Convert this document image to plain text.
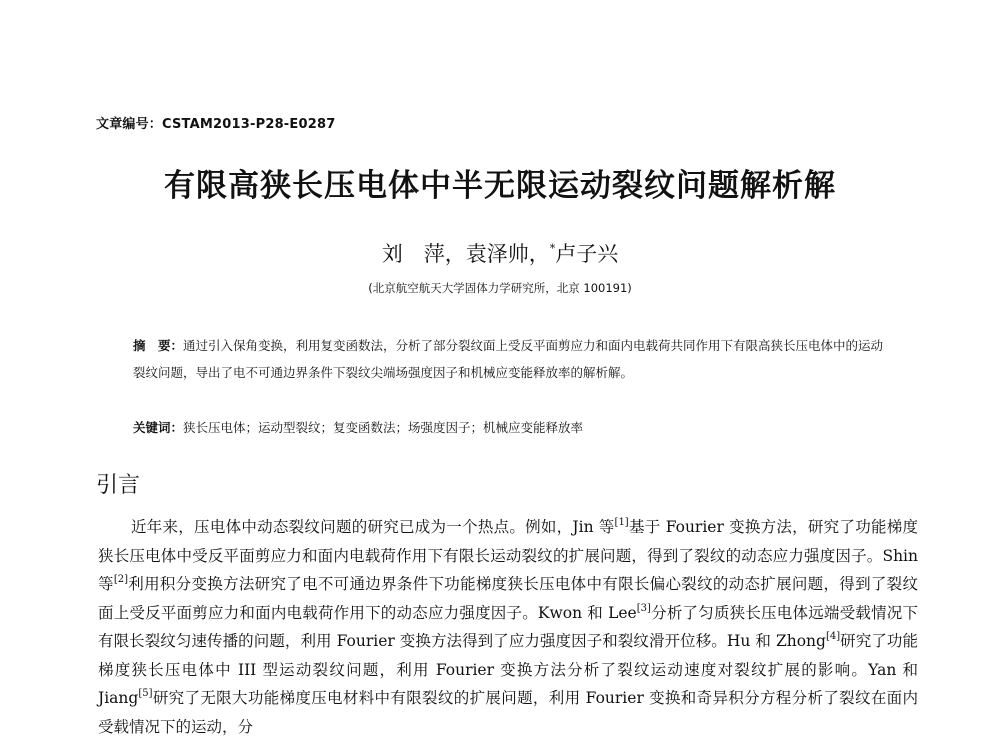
文章编号：CSTAM2013-P28-E0287
有限高狭长压电体中半无限运动裂纹问题解析解
刘　萍，袁泽帅，*卢子兴
(北京航空航天大学固体力学研究所，北京 100191)
摘　要：通过引入保角变换，利用复变函数法，分析了部分裂纹面上受反平面剪应力和面内电载荷共同作用下有限高狭长压电体中的运动裂纹问题，导出了电不可通边界条件下裂纹尖端场强度因子和机械应变能释放率的解析解。
关键词：狭长压电体；运动型裂纹；复变函数法；场强度因子；机械应变能释放率
引言
近年来，压电体中动态裂纹问题的研究已成为一个热点。例如，Jin 等[1]基于 Fourier 变换方法，研究了功能梯度狭长压电体中受反平面剪应力和面内电载荷作用下有限长运动裂纹的扩展问题，得到了裂纹的动态应力强度因子。Shin 等[2]利用积分变换方法研究了电不可通边界条件下功能梯度狭长压电体中有限长偏心裂纹的动态扩展问题，得到了裂纹面上受反平面剪应力和面内电载荷作用下的动态应力强度因子。Kwon 和 Lee[3]分析了匀质狭长压电体远端受载情况下有限长裂纹匀速传播的问题，利用 Fourier 变换方法得到了应力强度因子和裂纹滑开位移。Hu 和 Zhong[4]研究了功能梯度狭长压电体中 III 型运动裂纹问题，利用 Fourier 变换方法分析了裂纹运动速度对裂纹扩展的影响。Yan 和 Jiang[5]研究了无限大功能梯度压电材料中有限裂纹的扩展问题，利用 Fourier 变换和奇异积分方程分析了裂纹在面内受载情况下的运动，分
